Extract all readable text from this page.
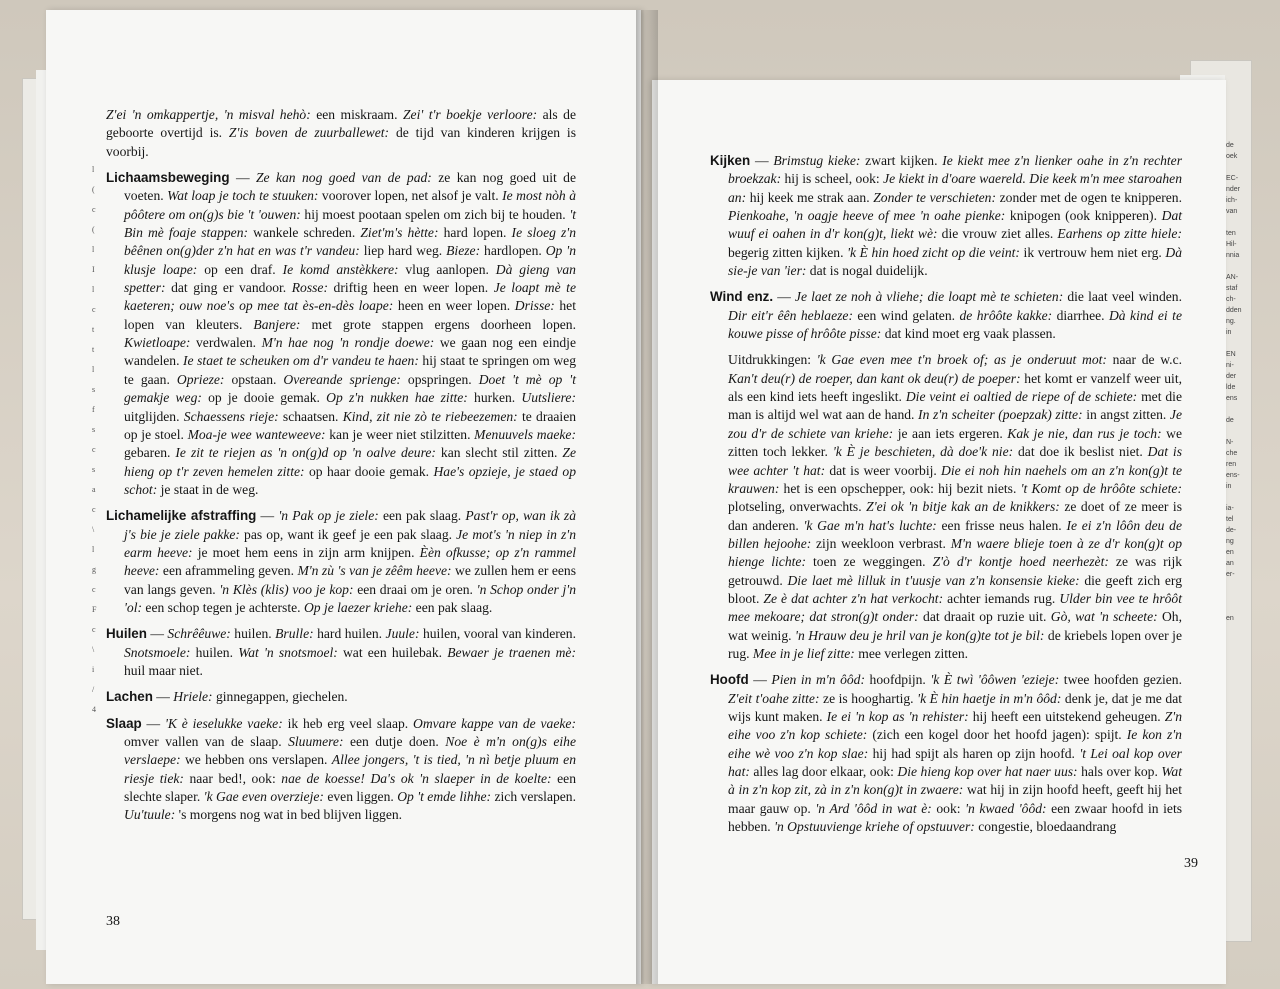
de
oek

EC-
nder
ich-
van

ten
Hil-
nnia

AN-
staf
ch-
dden
ng.
in

EN
ni-
der
lde
ens

de

N-
che
ren
ens-
in

ia-
tel
de-
ng
en
an
er-

en
l
(
c
(
l
I
l
c
t
t
l
s
f
s
c
s
a
c
\
l
g
c
F
c
\
i
/
4

Z'ei 'n omkappertje, 'n misval hehò: een miskraam. Zei' t'r boekje verloore: als de geboorte overtijd is. Z'is boven de zuurballewet: de tijd van kinderen krijgen is voorbij.

Lichaamsbeweging — Ze kan nog goed van de pad: ze kan nog goed uit de voeten. Wat loap je toch te stuuken: voorover lopen, net alsof je valt. Ie most nòh à pôôtere om on(g)s bie 't 'ouwen: hij moest pootaan spelen om zich bij te houden. 't Bin mè foaje stappen: wankele schreden. Ziet'm's hètte: hard lopen. Ie sloeg z'n bêênen on(g)der z'n hat en was t'r vandeu: liep hard weg. Bieze: hardlopen. Op 'n klusje loape: op een draf. Ie komd anstèkkere: vlug aanlopen. Dà gieng van spetter: dat ging er vandoor. Rosse: driftig heen en weer lopen. Je loapt mè te kaeteren; ouw noe's op mee tat ès-en-dès loape: heen en weer lopen. Drisse: het lopen van kleuters. Banjere: met grote stappen ergens doorheen lopen. Kwietloape: verdwalen. M'n hae nog 'n rondje doewe: we gaan nog een eindje wandelen. Ie staet te scheuken om d'r vandeu te haen: hij staat te springen om weg te gaan. Oprieze: opstaan. Overeande spriengе: opspringen. Doet 't mè op 't gemakje weg: op je dooie gemak. Op z'n nukken hae zitte: hurken. Uutsliere: uitglijden. Schaessens rieje: schaatsen. Kind, zit nie zò te riebeezemen: te draaien op je stoel. Moa-je wee wanteweeve: kan je weer niet stilzitten. Menuuvels maeke: gebaren. Ie zit te riejen as 'n on(g)d op 'n oalve deure: kan slecht stil zitten. Ze hieng op t'r zeven hemelen zitte: op haar dooie gemak. Hae's opzieje, je staed op schot: je staat in de weg.

Lichamelijke afstraffing — 'n Pak op je ziele: een pak slaag. Past'r op, wan ik zà j's bie je ziele pakke: pas op, want ik geef je een pak slaag. Je mot's 'n niep in z'n earm heeve: je moet hem eens in zijn arm knijpen. Èèn ofkusse; op z'n rammel heeve: een aframmeling geven. M'n zù 's van je zêêm heeve: we zullen hem er eens van langs geven. 'n Klès (klis) voo je kop: een draai om je oren. 'n Schop onder j'n 'ol: een schop tegen je achterste. Op je laezer kriehe: een pak slaag.

Huilen — Schrêêuwe: huilen. Brulle: hard huilen. Juule: huilen, vooral van kinderen. Snotsmoele: huilen. Wat 'n snotsmoel: wat een huilebak. Bewaer je traenen mè: huil maar niet.

Lachen — Hriele: ginnegappen, giechelen.

Slaap — 'K è ieselukke vaeke: ik heb erg veel slaap. Omvare kappe van de vaeke: omver vallen van de slaap. Sluumere: een dutje doen. Noe è m'n on(g)s eihe verslaepe: we hebben ons verslapen. Allee jongers, 't is tied, 'n nì betje pluum en riesje tiek: naar bed!, ook: nae de koesse! Da's ok 'n slaeper in de koelte: een slechte slaper. 'k Gae even overzieje: even liggen. Op 't emde lihhe: zich verslapen. Uu'tuule: 's morgens nog wat in bed blijven liggen.

38

Kijken — Brimstug kieke: zwart kijken. Ie kiekt mee z'n lienker oahe in z'n rechter broekzak: hij is scheel, ook: Je kiekt in d'oare waereld. Die keek m'n mee staroahen an: hij keek me strak aan. Zonder te verschieten: zonder met de ogen te knipperen. Pienkoahe, 'n oagje heeve of mee 'n oahe pienke: knipogen (ook knipperen). Dat wuuf ei oahen in d'r kon(g)t, liekt wè: die vrouw ziet alles. Earhens op zitte hiele: begerig zitten kijken. 'k È hin hoed zicht op die veint: ik vertrouw hem niet erg. Dà sie-je van 'ier: dat is nogal duidelijk.

Wind enz. — Je laet ze noh à vliehe; die loapt mè te schieten: die laat veel winden. Dir eit'r êên heblaeze: een wind gelaten. de hrôôte kakke: diarrhee. Dà kind ei te kouwe pisse of hrôôte pisse: dat kind moet erg vaak plassen.

Uitdrukkingen: 'k Gae even mee t'n broek of; as je onderuut mot: naar de w.c. Kan't deu(r) de roeper, dan kant ok deu(r) de poeper: het komt er vanzelf weer uit, als een kind iets heeft ingeslikt. Die veint ei oaltied de riepe of de schiete: met die man is altijd wel wat aan de hand. In z'n scheiter (poepzak) zitte: in angst zitten. Je zou d'r de schiete van kriehe: je aan iets ergeren. Kak je nie, dan rus je toch: we zitten toch lekker. 'k È je beschieten, dà doe'k nie: dat doe ik beslist niet. Dat is wee achter 't hat: dat is weer voorbij. Die ei noh hin naehels om an z'n kon(g)t te krauwen: het is een opschepper, ook: hij bezit niets. 't Komt op de hrôôte schiete: plotseling, onverwachts. Z'ei ok 'n bitje kak an de knikkers: ze doet of ze meer is dan anderen. 'k Gae m'n hat's luchte: een frisse neus halen. Ie ei z'n lôôn deu de billen hejoohe: zijn weekloon verbrast. M'n waere blieje toen à ze d'r kon(g)t op hienge lichte: toen ze weggingen. Z'ò d'r kontje hoed neerhezèt: ze was rijk getrouwd. Die laet mè lilluk in t'uusje van z'n konsensie kieke: die geeft zich erg bloot. Ze è dat achter z'n hat verkocht: achter iemands rug. Ulder bin vee te hrôôt mee mekoare; dat stron(g)t onder: dat draait op ruzie uit. Gò, wat 'n scheete: Oh, wat weinig. 'n Hrauw deu je hril van je kon(g)te tot je bil: de kriebels lopen over je rug. Mee in je lief zitte: mee verlegen zitten.

Hoofd — Pien in m'n ôôd: hoofdpijn. 'k È twì 'ôôwen 'ezieje: twee hoofden gezien. Z'eit t'oahe zitte: ze is hooghartig. 'k È hin haetje in m'n ôôd: denk je, dat je me dat wijs kunt maken. Ie ei 'n kop as 'n rehister: hij heeft een uitstekend geheugen. Z'n eihe voo z'n kop schiete: (zich een kogel door het hoofd jagen): spijt. Ie kon z'n eihe wè voo z'n kop slae: hij had spijt als haren op zijn hoofd. 't Lei oal kop over hat: alles lag door elkaar, ook: Die hieng kop over hat naer uus: hals over kop. Wat à in z'n kop zit, zà in z'n kon(g)t in zwaere: wat hij in zijn hoofd heeft, geeft hij het maar gauw op. 'n Ard 'ôôd in wat è: ook: 'n kwaed 'ôôd: een zwaar hoofd in iets hebben. 'n Opstuuviengе kriehe of opstuuver: congestie, bloedaandrang

39
